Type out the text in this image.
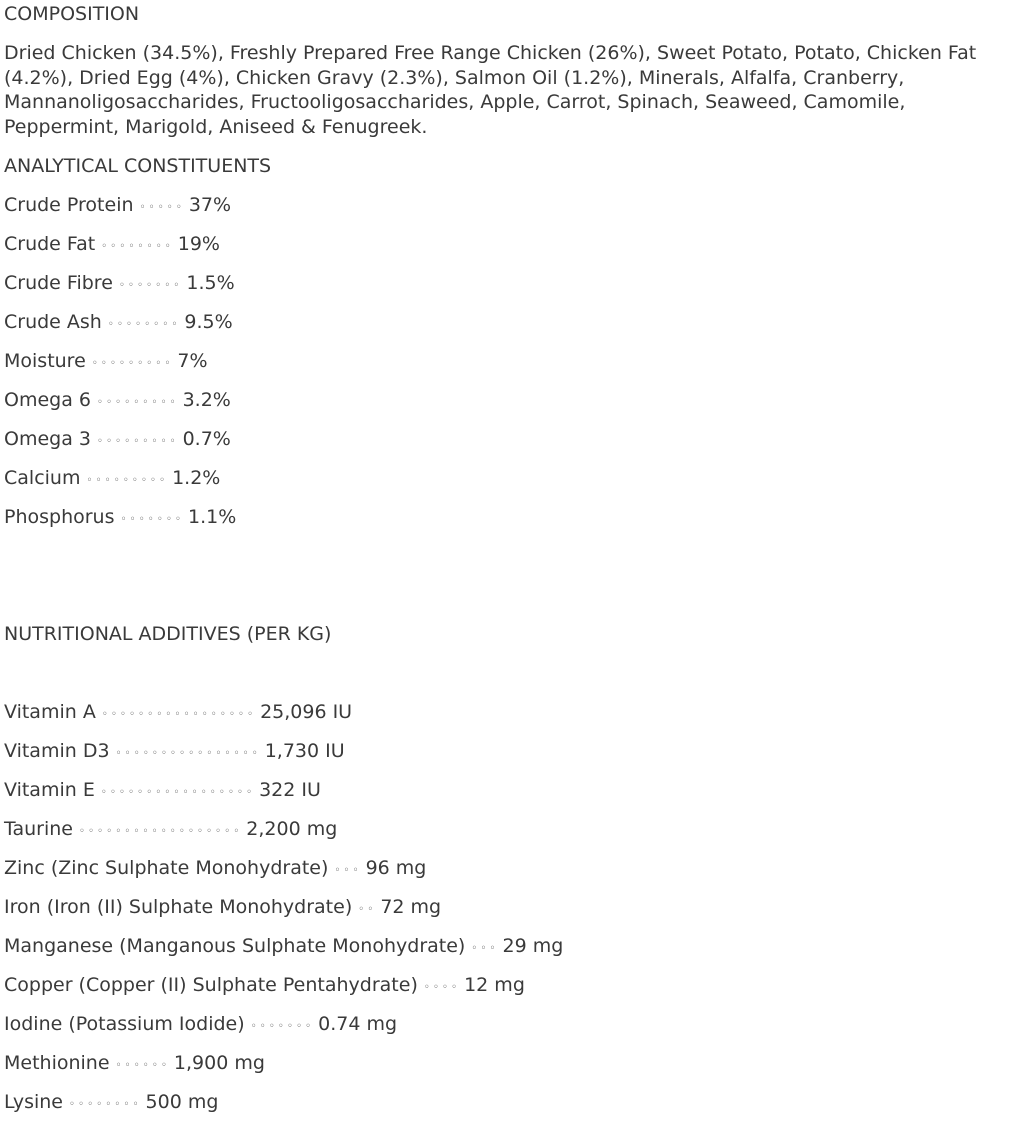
COMPOSITION

Dried Chicken (34.5%), Freshly Prepared Free Range Chicken (26%), Sweet Potato, Potato, Chicken Fat (4.2%), Dried Egg (4%), Chicken Gravy (2.3%), Salmon Oil (1.2%), Minerals, Alfalfa, Cranberry, Mannanoligosaccharides, Fructooligosaccharides, Apple, Carrot, Spinach, Seaweed, Camomile, Peppermint, Marigold, Aniseed & Fenugreek.

ANALYTICAL CONSTITUENTS
Crude Protein ◦ ◦ ◦ ◦ ◦ 37%
Crude Fat ◦ ◦ ◦ ◦ ◦ ◦ ◦ ◦ 19%
Crude Fibre ◦ ◦ ◦ ◦ ◦ ◦ ◦ 1.5%
Crude Ash ◦ ◦ ◦ ◦ ◦ ◦ ◦ ◦ 9.5%
Moisture ◦ ◦ ◦ ◦ ◦ ◦ ◦ ◦ ◦ 7%
Omega 6 ◦ ◦ ◦ ◦ ◦ ◦ ◦ ◦ ◦ 3.2%
Omega 3 ◦ ◦ ◦ ◦ ◦ ◦ ◦ ◦ ◦ 0.7%
Calcium ◦ ◦ ◦ ◦ ◦ ◦ ◦ ◦ ◦ 1.2%
Phosphorus ◦ ◦ ◦ ◦ ◦ ◦ ◦ 1.1%
NUTRITIONAL ADDITIVES (PER KG)
Vitamin A ◦ ◦ ◦ ◦ ◦ ◦ ◦ ◦ ◦ ◦ ◦ ◦ ◦ ◦ ◦ ◦ ◦ 25,096 IU
Vitamin D3 ◦ ◦ ◦ ◦ ◦ ◦ ◦ ◦ ◦ ◦ ◦ ◦ ◦ ◦ ◦ ◦ 1,730 IU
Vitamin E ◦ ◦ ◦ ◦ ◦ ◦ ◦ ◦ ◦ ◦ ◦ ◦ ◦ ◦ ◦ ◦ ◦ 322 IU
Taurine ◦ ◦ ◦ ◦ ◦ ◦ ◦ ◦ ◦ ◦ ◦ ◦ ◦ ◦ ◦ ◦ ◦ ◦ 2,200 mg
Zinc (Zinc Sulphate Monohydrate) ◦ ◦ ◦ 96 mg
Iron (Iron (II) Sulphate Monohydrate) ◦ ◦ 72 mg
Manganese (Manganous Sulphate Monohydrate) ◦ ◦ ◦ 29 mg
Copper (Copper (II) Sulphate Pentahydrate) ◦ ◦ ◦ ◦ 12 mg
Iodine (Potassium Iodide) ◦ ◦ ◦ ◦ ◦ ◦ ◦ 0.74 mg
Methionine ◦ ◦ ◦ ◦ ◦ ◦ 1,900 mg
Lysine ◦ ◦ ◦ ◦ ◦ ◦ ◦ ◦ 500 mg
